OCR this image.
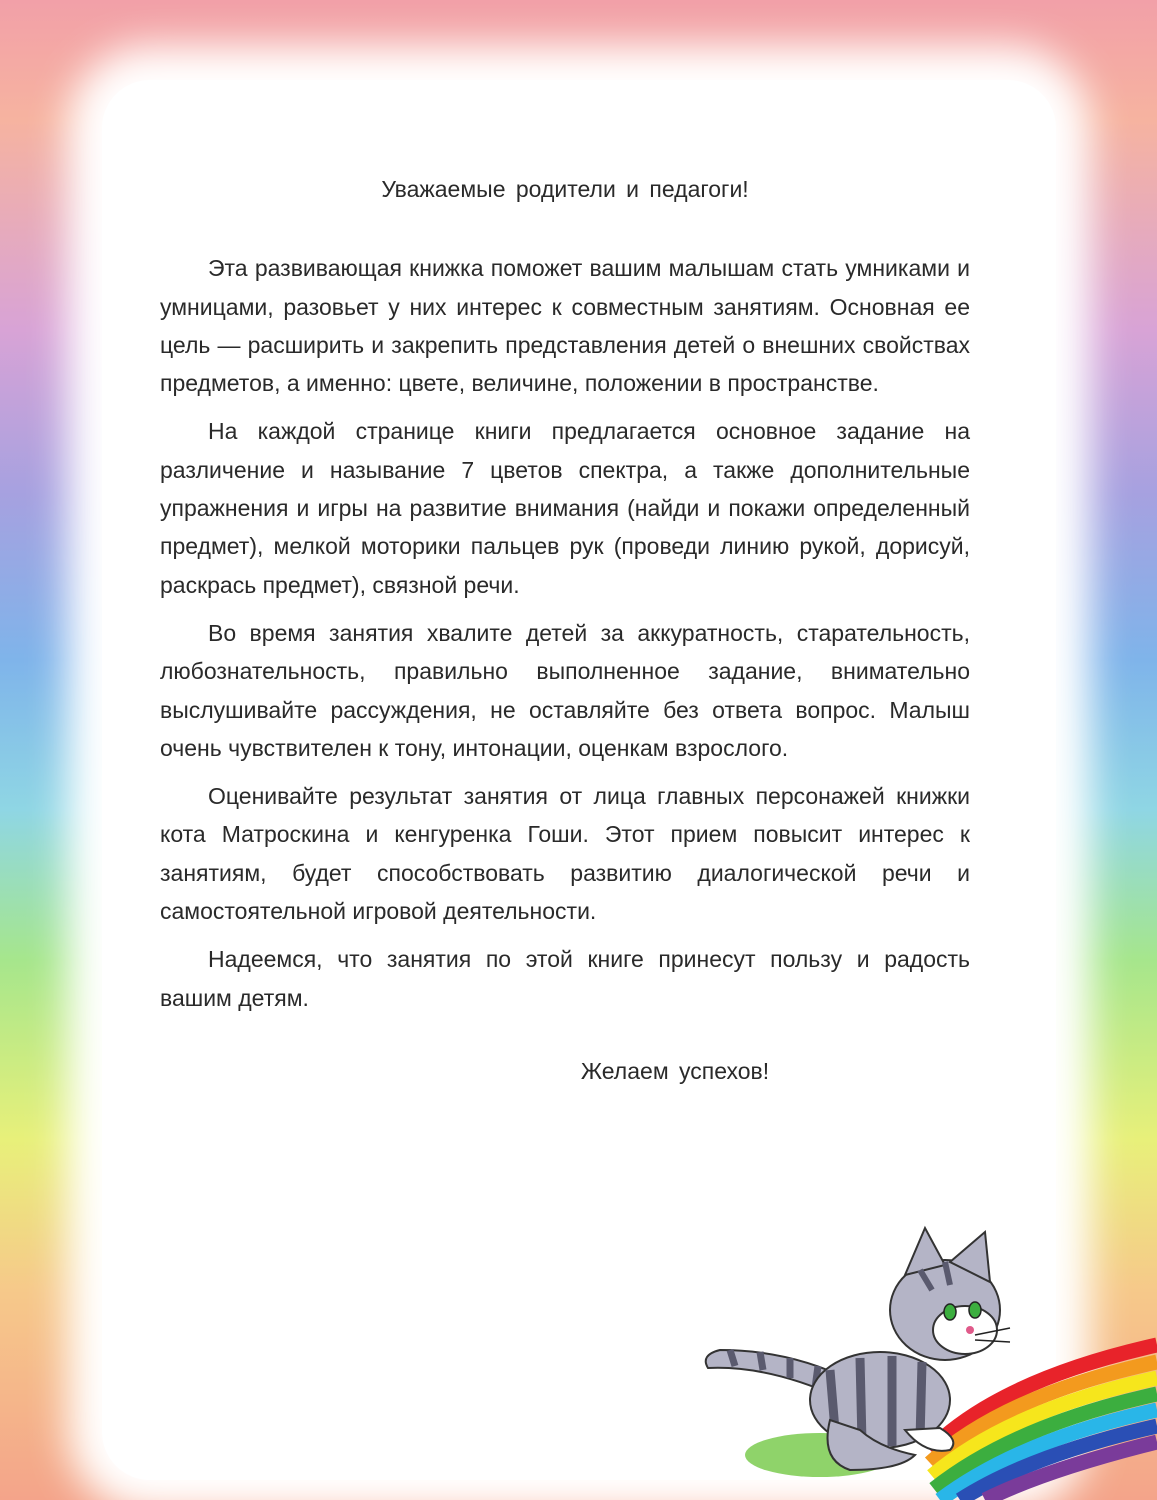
Уважаемые родители и педагоги!

Эта развивающая книжка поможет вашим малышам стать умниками и умницами, разовьет у них интерес к совместным занятиям. Основная ее цель — расширить и закрепить представления детей о внешних свойствах предметов, а именно: цвете, величине, положении в пространстве.

На каждой странице книги предлагается основное задание на различение и называние 7 цветов спектра, а также дополнительные упражнения и игры на развитие внимания (найди и покажи определенный предмет), мелкой моторики пальцев рук (проведи линию рукой, дорисуй, раскрась предмет), связной речи.

Во время занятия хвалите детей за аккуратность, старательность, любознательность, правильно выполненное задание, внимательно выслушивайте рассуждения, не оставляйте без ответа вопрос. Малыш очень чувствителен к тону, интонации, оценкам взрослого.

Оценивайте результат занятия от лица главных персонажей книжки кота Матроскина и кенгуренка Гоши. Этот прием повысит интерес к занятиям, будет способствовать развитию диалогической речи и самостоятельной игровой деятельности.

Надеемся, что занятия по этой книге принесут пользу и радость вашим детям.

Желаем успехов!
